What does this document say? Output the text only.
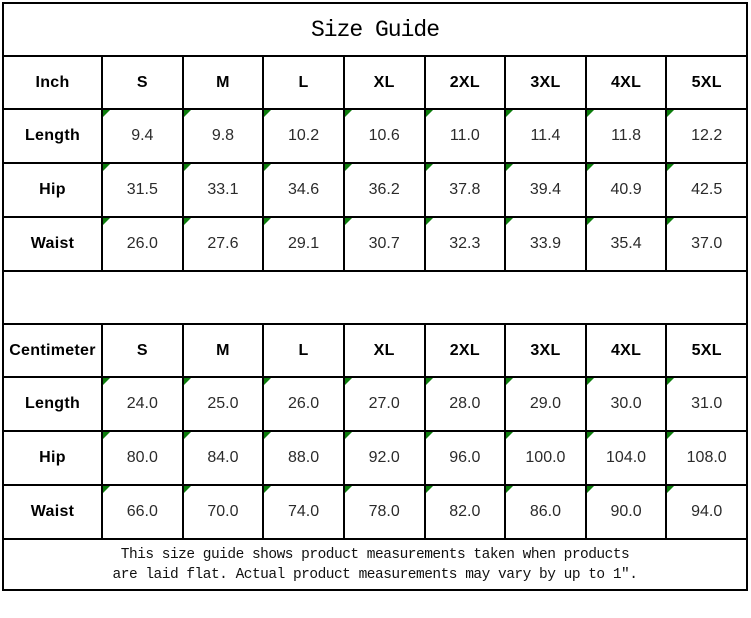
Size Guide
Inch	S	M	L	XL	2XL	3XL	4XL	5XL
Length	9.4	9.8	10.2	10.6	11.0	11.4	11.8	12.2
Hip	31.5	33.1	34.6	36.2	37.8	39.4	40.9	42.5
Waist	26.0	27.6	29.1	30.7	32.3	33.9	35.4	37.0
Centimeter	S	M	L	XL	2XL	3XL	4XL	5XL
Length	24.0	25.0	26.0	27.0	28.0	29.0	30.0	31.0
Hip	80.0	84.0	88.0	92.0	96.0	100.0	104.0	108.0
Waist	66.0	70.0	74.0	78.0	82.0	86.0	90.0	94.0
This size guide shows product measurements taken when products
are laid flat. Actual product measurements may vary by up to 1″.
